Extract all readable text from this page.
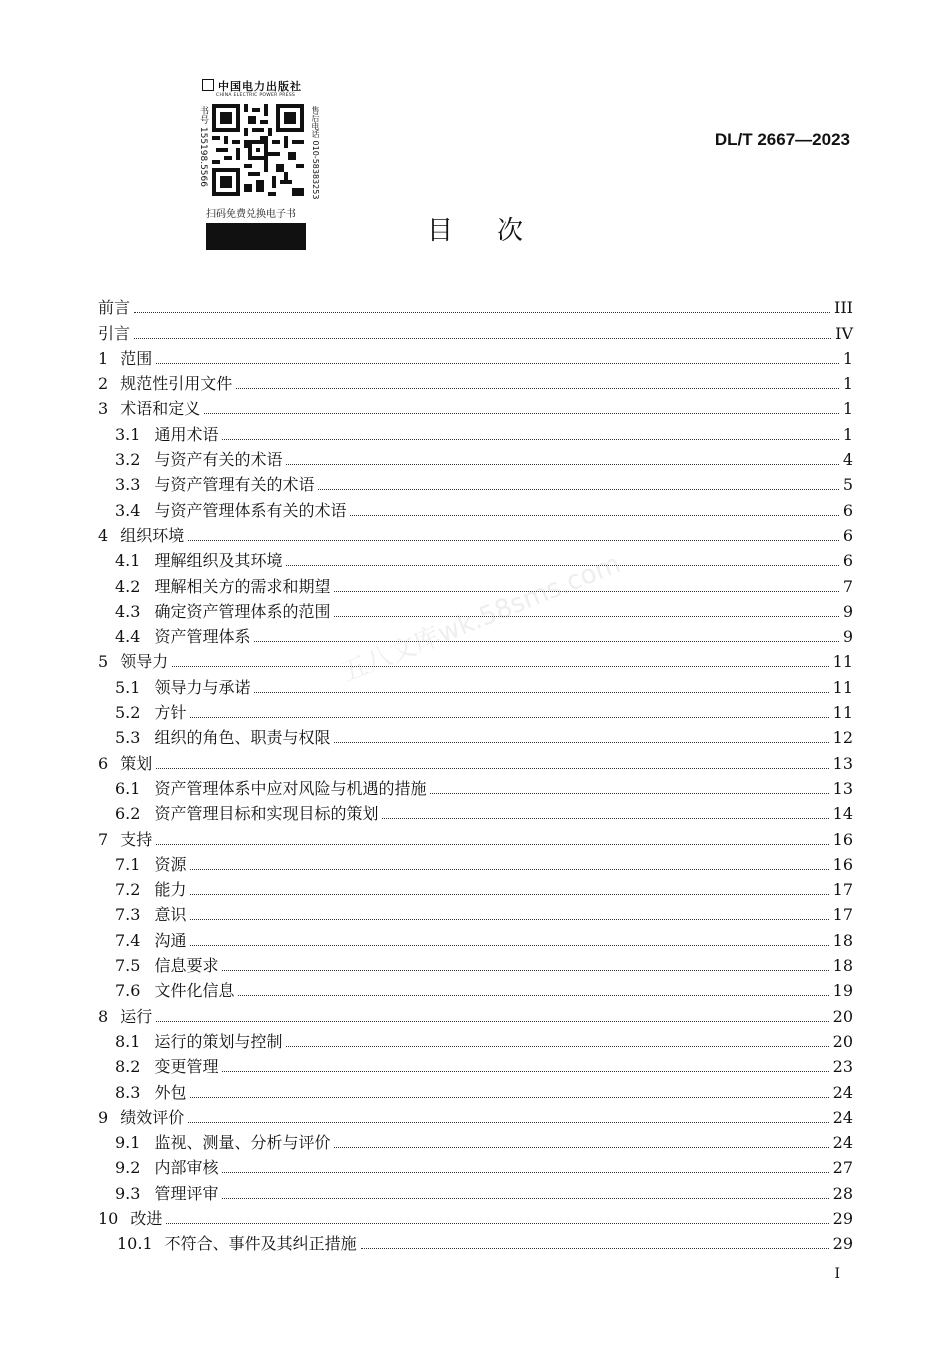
中国电力出版社
CHINA ELECTRIC POWER PRESS
书号 155198.5566	售后电话 010-58383253
扫码免费兑换电子书
DL/T 2667—2023
目次
前言	III
引言	IV
1 范围	1
2 规范性引用文件	1
3 术语和定义	1
3.1 通用术语	1
3.2 与资产有关的术语	4
3.3 与资产管理有关的术语	5
3.4 与资产管理体系有关的术语	6
4 组织环境	6
4.1 理解组织及其环境	6
4.2 理解相关方的需求和期望	7
4.3 确定资产管理体系的范围	9
4.4 资产管理体系	9
5 领导力	11
5.1 领导力与承诺	11
5.2 方针	11
5.3 组织的角色、职责与权限	12
6 策划	13
6.1 资产管理体系中应对风险与机遇的措施	13
6.2 资产管理目标和实现目标的策划	14
7 支持	16
7.1 资源	16
7.2 能力	17
7.3 意识	17
7.4 沟通	18
7.5 信息要求	18
7.6 文件化信息	19
8 运行	20
8.1 运行的策划与控制	20
8.2 变更管理	23
8.3 外包	24
9 绩效评价	24
9.1 监视、测量、分析与评价	24
9.2 内部审核	27
9.3 管理评审	28
10 改进	29
10.1 不符合、事件及其纠正措施	29
五八文库wk.58sms.com
I
